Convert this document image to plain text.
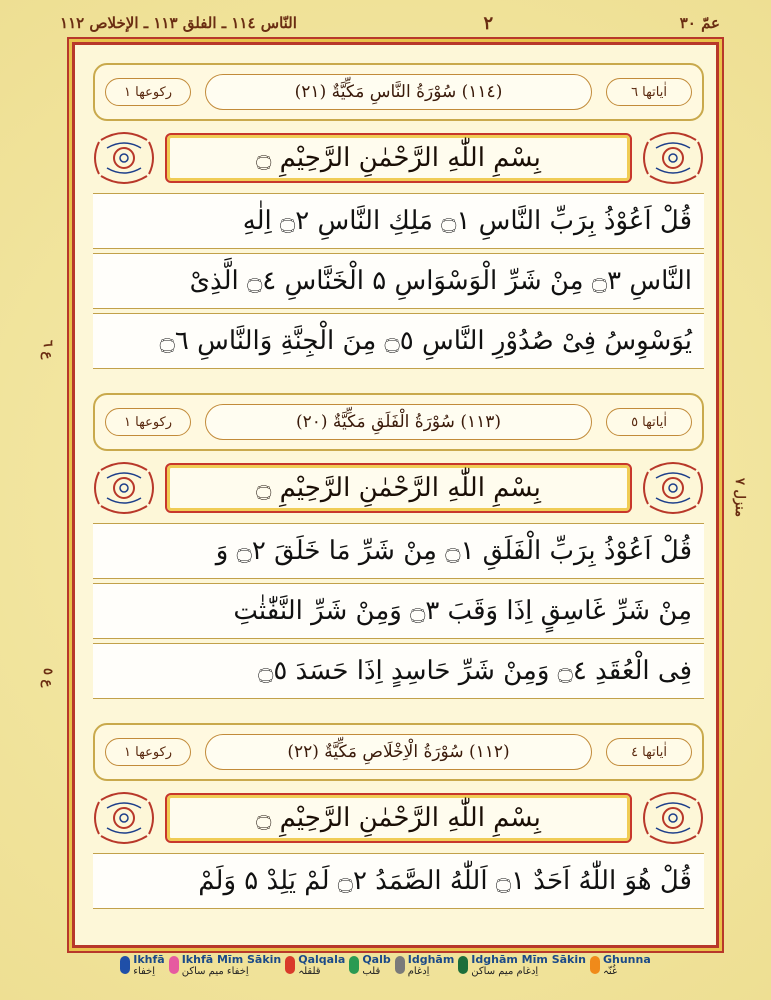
عمّ ٣٠
٢
النّاس ١١٤ ـ الفلق ١١٣ ـ الإخلاص ١١٢
ع ٦
ع ٥
منزل ٧
اٰياتها ٦
(١١٤) سُوْرَةُ النَّاسِ مَكِّيَّةٌ (٢١)
رکوعها ١
بِسْمِ اللّٰهِ الرَّحْمٰنِ الرَّحِيْمِ ۝
قُلْ اَعُوْذُ بِرَبِّ النَّاسِ ۝١ مَلِكِ النَّاسِ ۝٢ اِلٰهِ
النَّاسِ ۝٣ مِنْ شَرِّ الْوَسْوَاسِ ۵ الْخَنَّاسِ ۝٤ الَّذِىْ
يُوَسْوِسُ فِىْ صُدُوْرِ النَّاسِ ۝٥ مِنَ الْجِنَّةِ وَالنَّاسِ ۝٦
اٰياتها ٥
(١١٣) سُوْرَةُ الْفَلَقِ مَكِّيَّةٌ (٢٠)
رکوعها ١
بِسْمِ اللّٰهِ الرَّحْمٰنِ الرَّحِيْمِ ۝
قُلْ اَعُوْذُ بِرَبِّ الْفَلَقِ ۝١ مِنْ شَرِّ مَا خَلَقَ ۝٢ وَ
مِنْ شَرِّ غَاسِقٍ اِذَا وَقَبَ ۝٣ وَمِنْ شَرِّ النَّفّٰثٰتِ
فِى الْعُقَدِ ۝٤ وَمِنْ شَرِّ حَاسِدٍ اِذَا حَسَدَ ۝٥
اٰياتها ٤
(١١٢) سُوْرَةُ الْاِخْلَاصِ مَكِّيَّةٌ (٢٢)
رکوعها ١
بِسْمِ اللّٰهِ الرَّحْمٰنِ الرَّحِيْمِ ۝
قُلْ هُوَ اللّٰهُ اَحَدٌ ۝١ اَللّٰهُ الصَّمَدُ ۝٢ لَمْ يَلِدْ ۵ وَلَمْ
Ikhfā
اِخفاء
Ikhfā Mīm Sākin
اِخفاء میم ساکن
Qalqala
قلقلہ
Qalb
قلب
Idghām
اِدغام
Idghām Mīm Sākin
اِدغام میم ساکن
Ghunna
غُنّہ
